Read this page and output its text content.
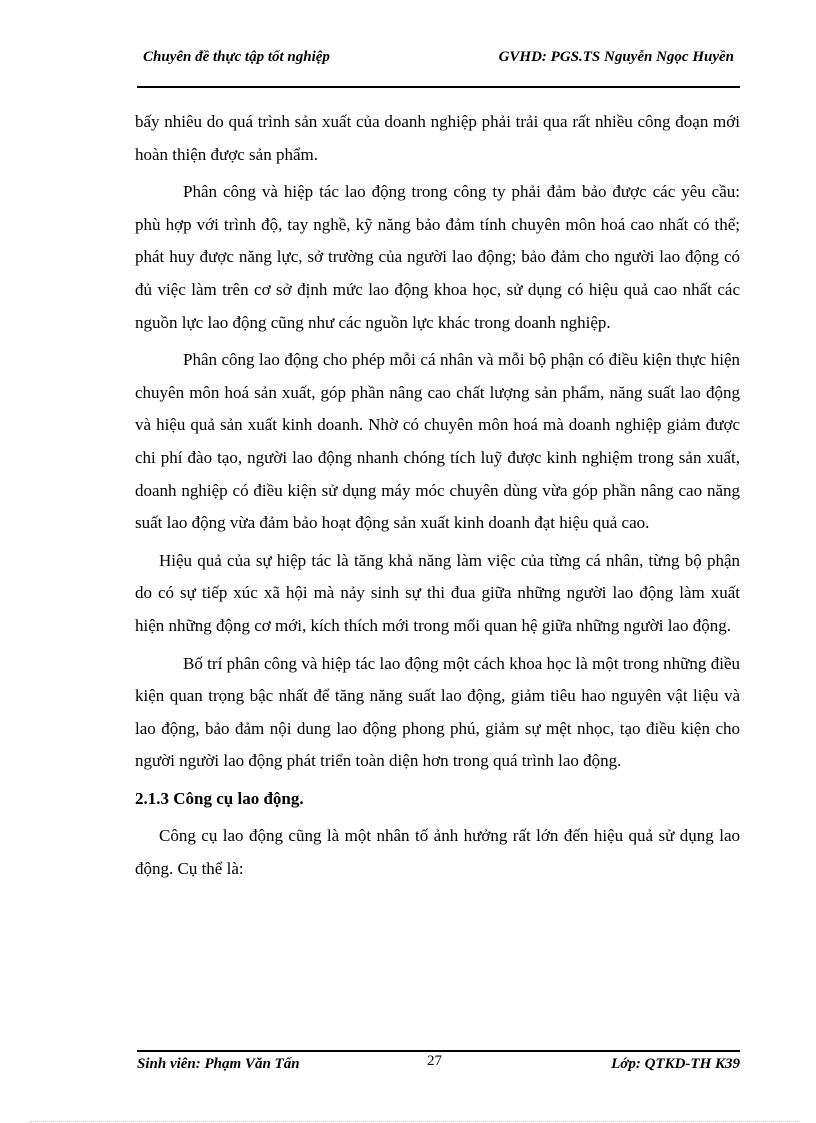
Chuyên đề thực tập tốt nghiệp	GVHD: PGS.TS Nguyễn Ngọc Huyền

bấy nhiêu do quá trình sản xuất của doanh nghiệp phải trải qua rất nhiều công đoạn mới hoàn thiện được sản phẩm.

Phân công và hiệp tác lao động trong công ty phải đảm bảo được các yêu cầu: phù hợp với trình độ, tay nghề, kỹ năng bảo đảm tính chuyên môn hoá cao nhất có thể; phát huy được năng lực, sở trường của người lao động; bảo đảm cho người lao động có đủ việc làm trên cơ sở định mức lao động khoa học, sử dụng có hiệu quả cao nhất các nguồn lực lao động cũng như các nguồn lực khác trong doanh nghiệp.

Phân công lao động cho phép mỗi cá nhân và mỗi bộ phận có điều kiện thực hiện chuyên môn hoá sản xuất, góp phần nâng cao chất lượng sản phẩm, năng suất lao động và hiệu quả sản xuất kinh doanh. Nhờ có chuyên môn hoá mà doanh nghiệp giảm được chi phí đào tạo, người lao động nhanh chóng tích luỹ được kinh nghiệm trong sản xuất, doanh nghiệp có điều kiện sử dụng máy móc chuyên dùng vừa góp phần nâng cao năng suất lao động vừa đảm bảo hoạt động sản xuất kinh doanh đạt hiệu quả cao.

Hiệu quả của sự hiệp tác là tăng khả năng làm việc của từng cá nhân, từng bộ phận do có sự tiếp xúc xã hội mà nảy sinh sự thi đua giữa những người lao động làm xuất hiện những động cơ mới, kích thích mới trong mối quan hệ giữa những người lao động.

Bố trí phân công và hiệp tác lao động một cách khoa học là một trong những điều kiện quan trọng bậc nhất để tăng năng suất lao động, giảm tiêu hao nguyên vật liệu và lao động, bảo đảm nội dung lao động phong phú, giảm sự mệt nhọc, tạo điều kiện cho người người lao động phát triển toàn diện hơn trong quá trình lao động.

2.1.3 Công cụ lao động.

Công cụ lao động cũng là một nhân tố ảnh hưởng rất lớn đến hiệu quả sử dụng lao động. Cụ thể là:

Sinh viên: Phạm Văn Tấn	27	Lớp: QTKD-TH K39
